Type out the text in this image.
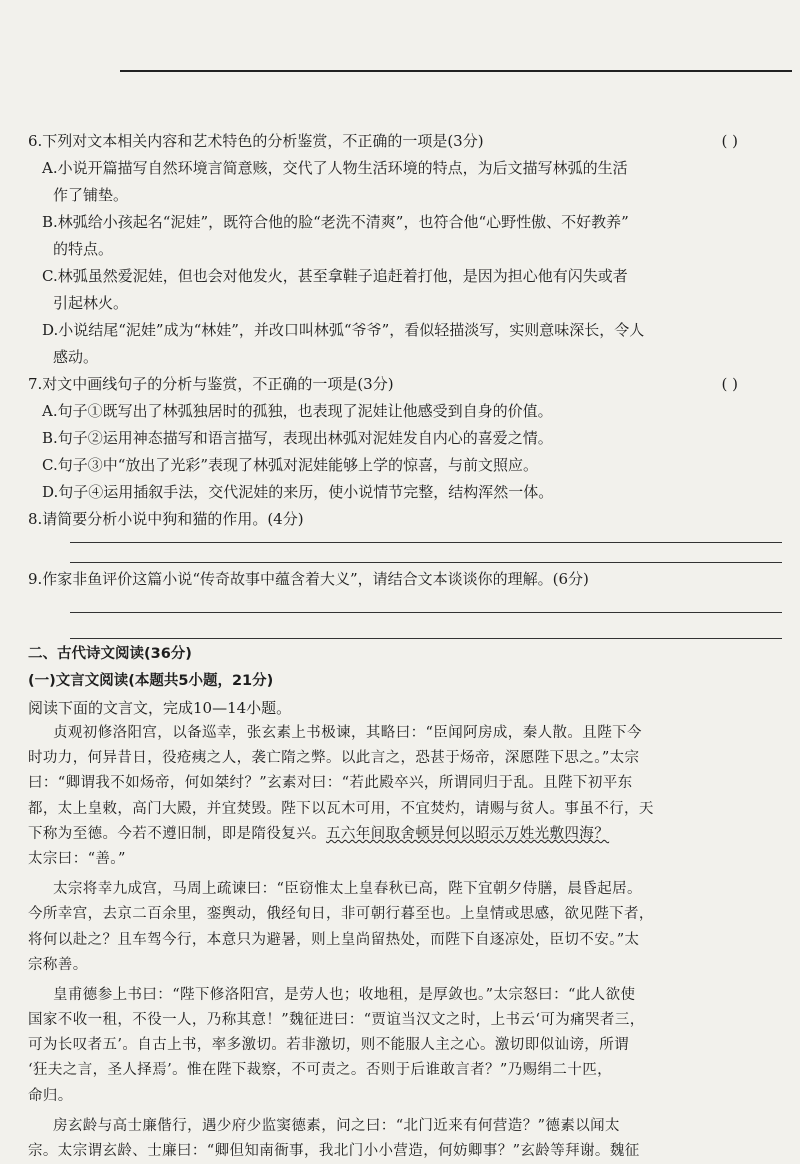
6.下列对文本相关内容和艺术特色的分析鉴赏，不正确的一项是(3分)
A.小说开篇描写自然环境言简意赅，交代了人物生活环境的特点，为后文描写林弧的生活
作了铺垫。
B.林弧给小孩起名“泥娃”，既符合他的脸“老洗不清爽”，也符合他“心野性傲、不好教养”
的特点。
C.林弧虽然爱泥娃，但也会对他发火，甚至拿鞋子追赶着打他，是因为担心他有闪失或者
引起林火。
D.小说结尾“泥娃”成为“林娃”，并改口叫林弧“爷爷”，看似轻描淡写，实则意味深长，令人
感动。
( )
7.对文中画线句子的分析与鉴赏，不正确的一项是(3分)
A.句子①既写出了林弧独居时的孤独，也表现了泥娃让他感受到自身的价值。
B.句子②运用神态描写和语言描写，表现出林弧对泥娃发自内心的喜爱之情。
C.句子③中“放出了光彩”表现了林弧对泥娃能够上学的惊喜，与前文照应。
D.句子④运用插叙手法，交代泥娃的来历，使小说情节完整，结构浑然一体。
8.请简要分析小说中狗和猫的作用。(4分)
( )
9.作家非鱼评价这篇小说“传奇故事中蕴含着大义”，请结合文本谈谈你的理解。(6分)
二、古代诗文阅读(36分)
(一)文言文阅读(本题共5小题，21分)
阅读下面的文言文，完成10—14小题。
贞观初修洛阳宫，以备巡幸，张玄素上书极谏，其略曰：“臣闻阿房成，秦人散。且陛下今
时功力，何异昔日，役疮痍之人，袭亡隋之弊。以此言之，恐甚于炀帝，深愿陛下思之。”太宗
曰：“卿谓我不如炀帝，何如桀纣？”玄素对曰：“若此殿卒兴，所谓同归于乱。且陛下初平东
都，太上皇敕，高门大殿，并宜焚毁。陛下以瓦木可用，不宜焚灼，请赐与贫人。事虽不行，天
下称为至德。今若不遵旧制，即是隋役复兴。五六年间取舍顿异何以昭示万姓光敷四海？
太宗曰：“善。”
太宗将幸九成宫，马周上疏谏曰：“臣窃惟太上皇春秋已高，陛下宜朝夕侍膳，晨昏起居。
今所幸宫，去京二百余里，銮舆动，俄经旬日，非可朝行暮至也。上皇情或思感，欲见陛下者，
将何以赴之？且车驾今行，本意只为避暑，则上皇尚留热处，而陛下自逐凉处，臣切不安。”太
宗称善。
皇甫德参上书曰：“陛下修洛阳宫，是劳人也；收地租，是厚敛也。”太宗怒曰：“此人欲使
国家不收一租，不役一人，乃称其意！”魏征进曰：“贾谊当汉文之时，上书云‘可为痛哭者三，
可为长叹者五’。自古上书，率多激切。若非激切，则不能服人主之心。激切即似讪谤，所谓
‘狂夫之言，圣人择焉’。惟在陛下裁察，不可责之。否则于后谁敢言者？”乃赐绢二十匹，
命归。
房玄龄与高士廉偕行，遇少府少监窦德素，问之曰：“北门近来有何营造？”德素以闻太
宗。太宗谓玄龄、士廉曰：“卿但知南衙事，我北门小小营造，何妨卿事？”玄龄等拜谢。魏征
